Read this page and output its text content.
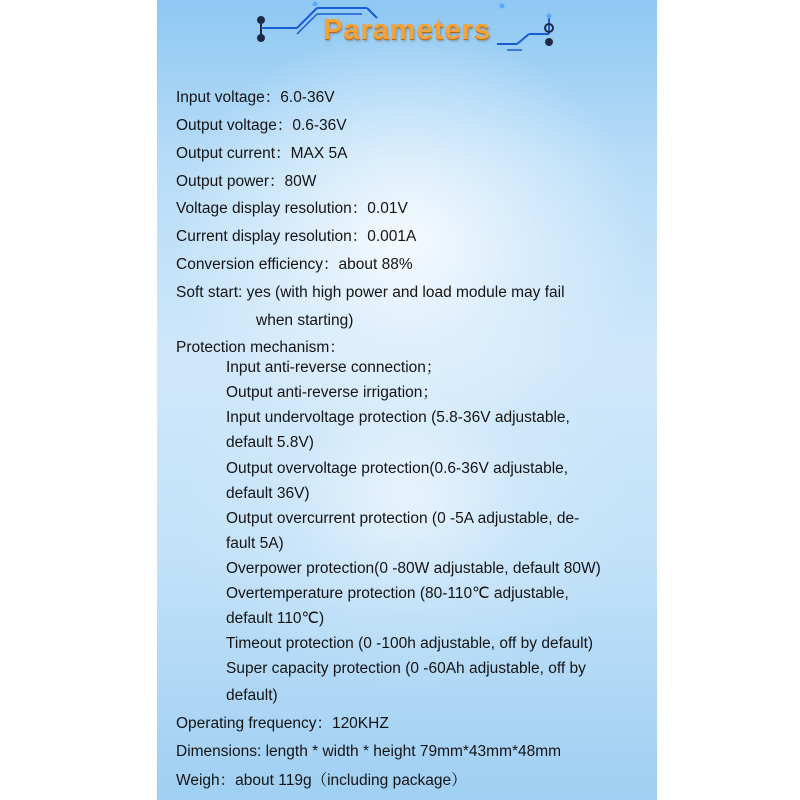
Parameters
Input voltage：6.0-36V
Output voltage：0.6-36V
Output current：MAX 5A
Output power：80W
Voltage display resolution：0.01V
Current display resolution：0.001A
Conversion efficiency：about 88%
Soft start: yes (with high power and load module may fail
when starting)
Protection mechanism：
Input anti-reverse connection；
Output anti-reverse irrigation；
Input undervoltage protection (5.8-36V adjustable,
default 5.8V)
Output overvoltage protection(0.6-36V adjustable,
default 36V)
Output overcurrent protection (0 -5A adjustable, de-
fault 5A)
Overpower protection(0 -80W adjustable, default 80W)
Overtemperature protection (80-110℃ adjustable,
default 110℃)
Timeout protection (0 -100h adjustable, off by default)
Super capacity protection (0 -60Ah adjustable, off by
default)
Operating frequency：120KHZ
Dimensions: length * width * height 79mm*43mm*48mm
Weigh：about 119g（including package）
